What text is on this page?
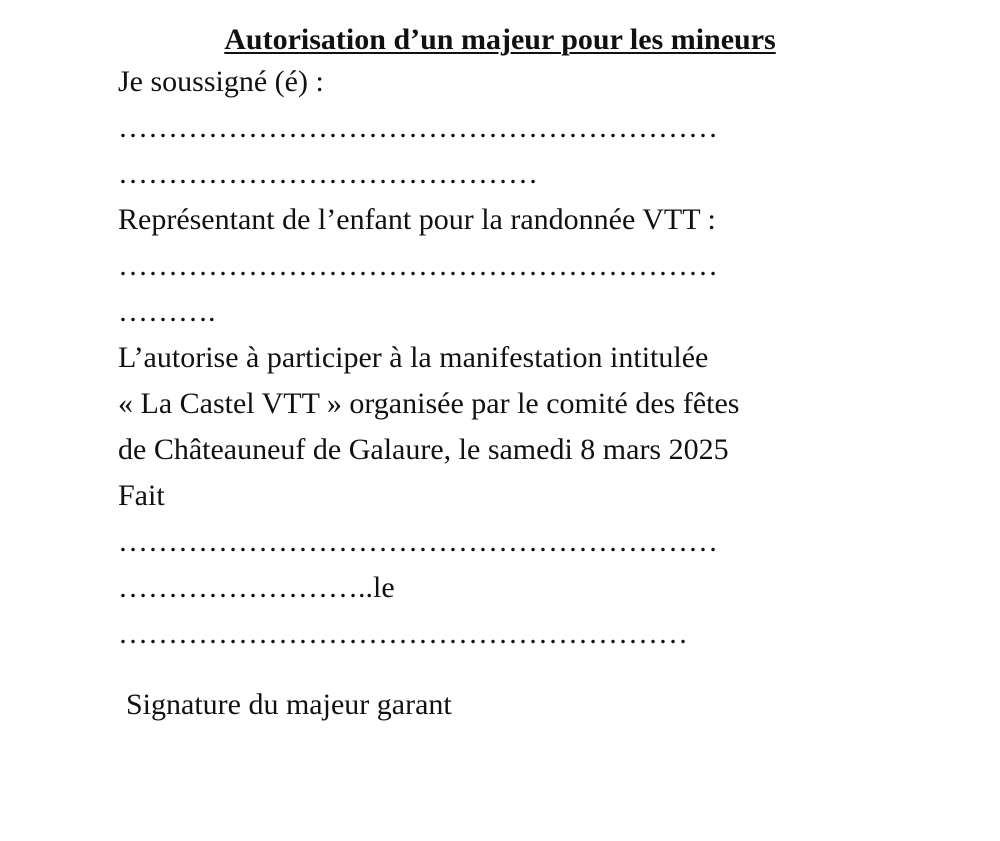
Autorisation d’un majeur pour les mineurs
Je soussigné (é) :
……………………………………………………
……………………………………
Représentant de l’enfant pour la randonnée VTT :
……………………………………………………
……….
L’autorise à participer à la manifestation intitulée
« La Castel VTT » organisée par le comité des fêtes
de Châteauneuf de Galaure, le samedi 8 mars 2025
Fait
……………………………………………………
……………………..le
…………………………………………………
Signature du majeur garant
